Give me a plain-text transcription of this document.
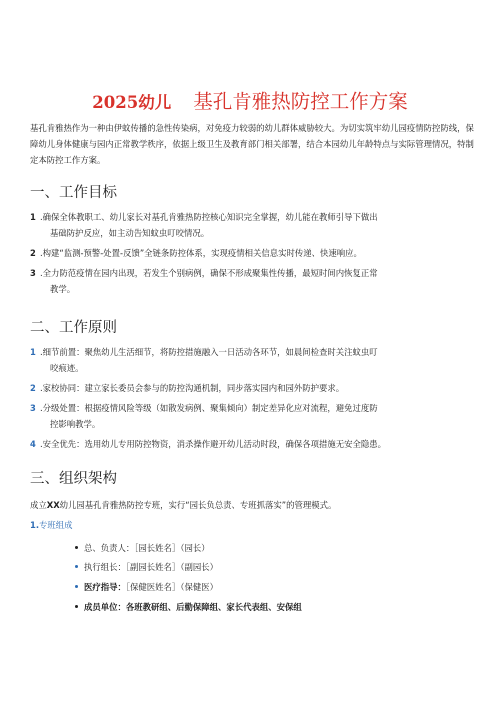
2025幼儿 基孔肯雅热防控工作方案

基孔肯雅热作为一种由伊蚊传播的急性传染病，对免疫力较弱的幼儿群体威胁较大。为切实筑牢幼儿园疫情防控防线，保障幼儿身体健康与园内正常教学秩序，依据上级卫生及教育部门相关部署，结合本园幼儿年龄特点与实际管理情况，特制定本防控工作方案。

一、工作目标
1 .确保全体教职工、幼儿家长对基孔肯雅热防控核心知识完全掌握，幼儿能在教师引导下做出
基础防护反应，如主动告知蚊虫叮咬情况。
2 .构建“监测-预警-处置-反馈”全链条防控体系，实现疫情相关信息实时传递、快速响应。
3 .全力防范疫情在园内出现，若发生个别病例，确保不形成聚集性传播，最短时间内恢复正常
教学。
二、工作原则
1 .细节前置：聚焦幼儿生活细节，将防控措施融入一日活动各环节，如晨间检查时关注蚊虫叮
咬痕迹。
2 .家校协同：建立家长委员会参与的防控沟通机制，同步落实园内和园外防护要求。
3 .分级处置：根据疫情风险等级（如散发病例、聚集倾向）制定差异化应对流程，避免过度防
控影响教学。
4 .安全优先：选用幼儿专用防控物资，消杀操作避开幼儿活动时段，确保各项措施无安全隐患。
三、组织架构
成立XX幼儿园基孔肯雅热防控专班，实行“园长负总责、专班抓落实”的管理模式。
1.专班组成
总、负责人：［园长姓名］（园长）
执行组长：［副园长姓名］（副园长）
医疗指导：［保健医姓名］（保健医）
成员单位：各班教研组、后勤保障组、家长代表组、安保组
